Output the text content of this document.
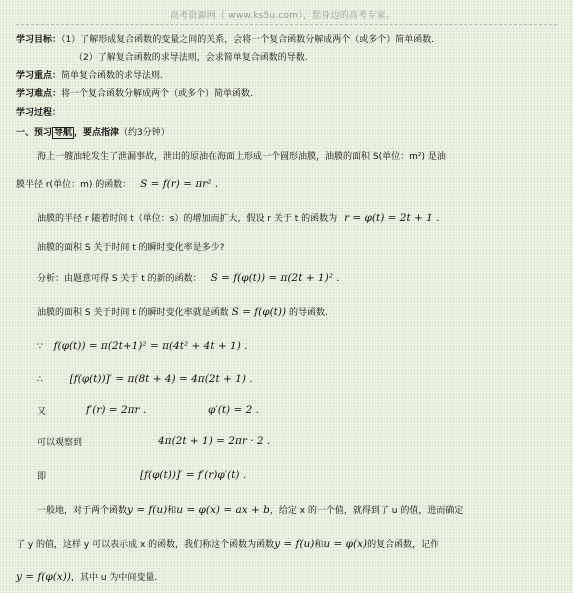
高考资源网（ www.ks5u.com），您身边的高考专家。
学习目标：（1）了解形成复合函数的变量之间的关系，会将一个复合函数分解成两个（或多个）简单函数.
（2）了解复合函数的求导法则，会求简单复合函数的导数.
学习重点：简单复合函数的求导法则.
学习难点：将一个复合函数分解成两个（或多个）简单函数.
学习过程：
一、预习 导航 ，要点指津（约3分钟）
海上一艘油轮发生了泄漏事故，泄出的原油在海面上形成一个圆形油膜，油膜的面积 S(单位：m²) 是油
膜半径 r(单位：m) 的函数： S = f(r) = πr² .
油膜的半径 r 随着时间 t（单位：s）的增加而扩大，假设 r 关于 t 的函数为 r = φ(t) = 2t + 1 .
油膜的面积 S 关于时间 t 的瞬时变化率是多少?
分析：由题意可得 S 关于 t 的新的函数： S = f(φ(t)) = π(2t + 1)² .
油膜的面积 S 关于时间 t 的瞬时变化率就是函数 S = f(φ(t)) 的导函数.
∵ f(φ(t)) = π(2t+1)² = π(4t² + 4t + 1) .
∴	[f(φ(t))]′ = π(8t + 4) = 4π(2t + 1) .
又	f′(r) = 2πr .	φ′(t) = 2 .
可以观察到	4π(2t + 1) = 2πr · 2 .
即	[f(φ(t))]′ = f′(r)φ′(t) .
一般地，对于两个函数y = f(u)和u = φ(x) = ax + b，给定 x 的一个值，就得到了 u 的值，进而确定
了 y 的值，这样 y 可以表示成 x 的函数，我们称这个函数为函数y = f(u)和u = φ(x)的复合函数，记作
y = f(φ(x))，其中 u 为中间变量.
